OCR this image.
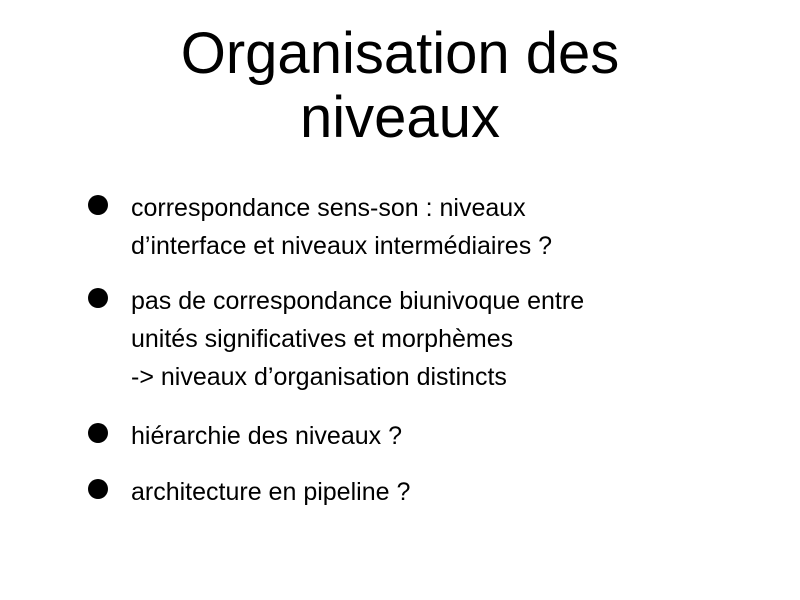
Organisation des
niveaux
correspondance sens-son : niveaux
d’interface et niveaux intermédiaires ?
pas de correspondance biunivoque entre
unités significatives et morphèmes
-> niveaux d’organisation distincts
hiérarchie des niveaux ?
architecture en pipeline ?
